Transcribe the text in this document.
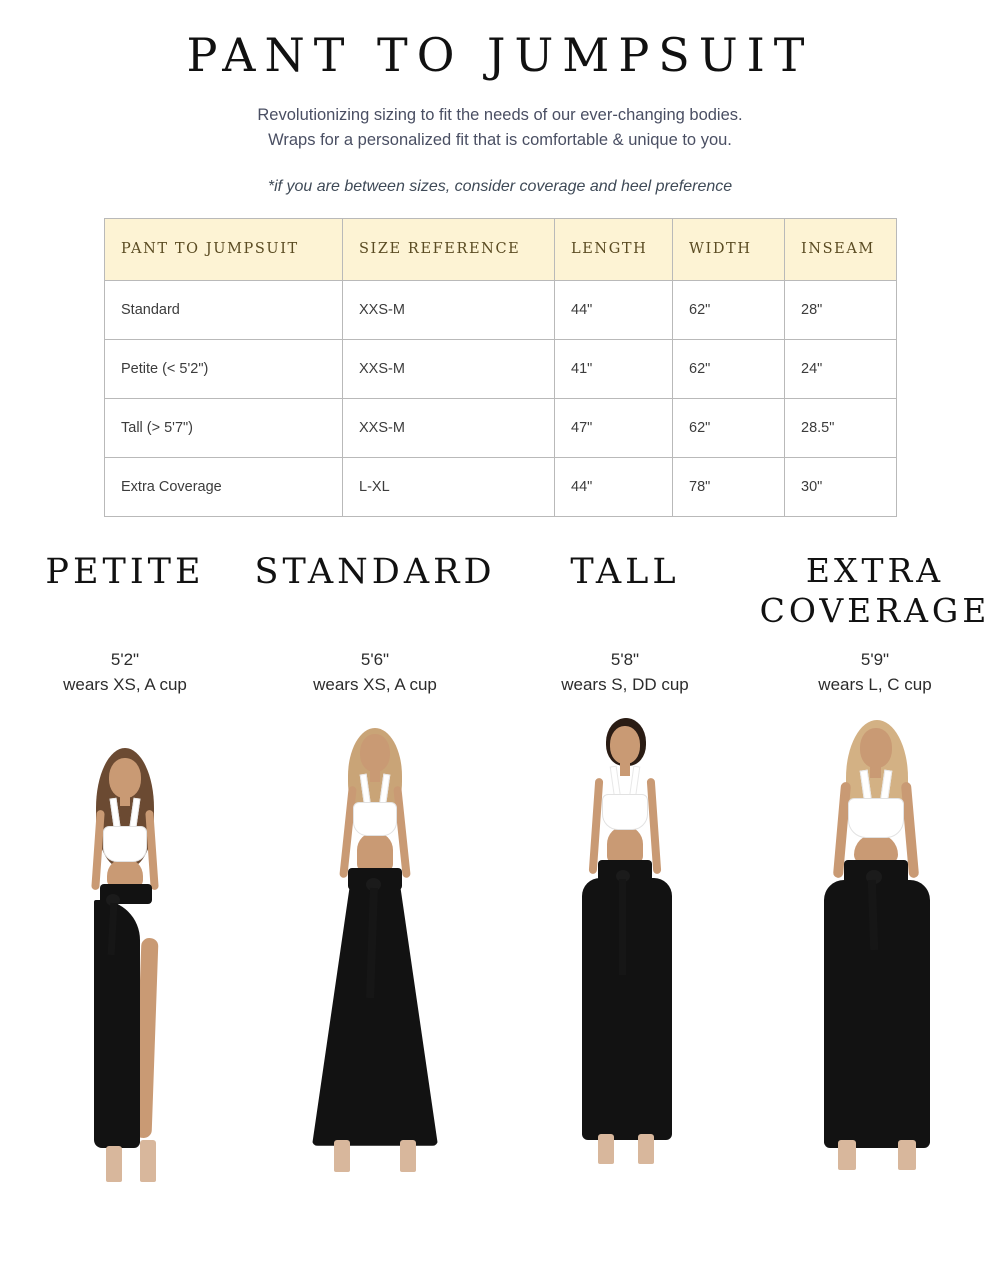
PANT TO JUMPSUIT
Revolutionizing sizing to fit the needs of our ever-changing bodies.
Wraps for a personalized fit that is comfortable & unique to you.
*if you are between sizes, consider coverage and heel preference
PANT TO JUMPSUIT	SIZE REFERENCE	LENGTH	WIDTH	INSEAM
Standard	XXS-M	44"	62"	28"
Petite (< 5'2")	XXS-M	41"	62"	24"
Tall (> 5'7")	XXS-M	47"	62"	28.5"
Extra Coverage	L-XL	44"	78"	30"
PETITE
5'2"
wears XS, A cup
STANDARD
5'6"
wears XS, A cup
TALL
5'8"
wears S, DD cup
EXTRA COVERAGE
5'9"
wears L, C cup
